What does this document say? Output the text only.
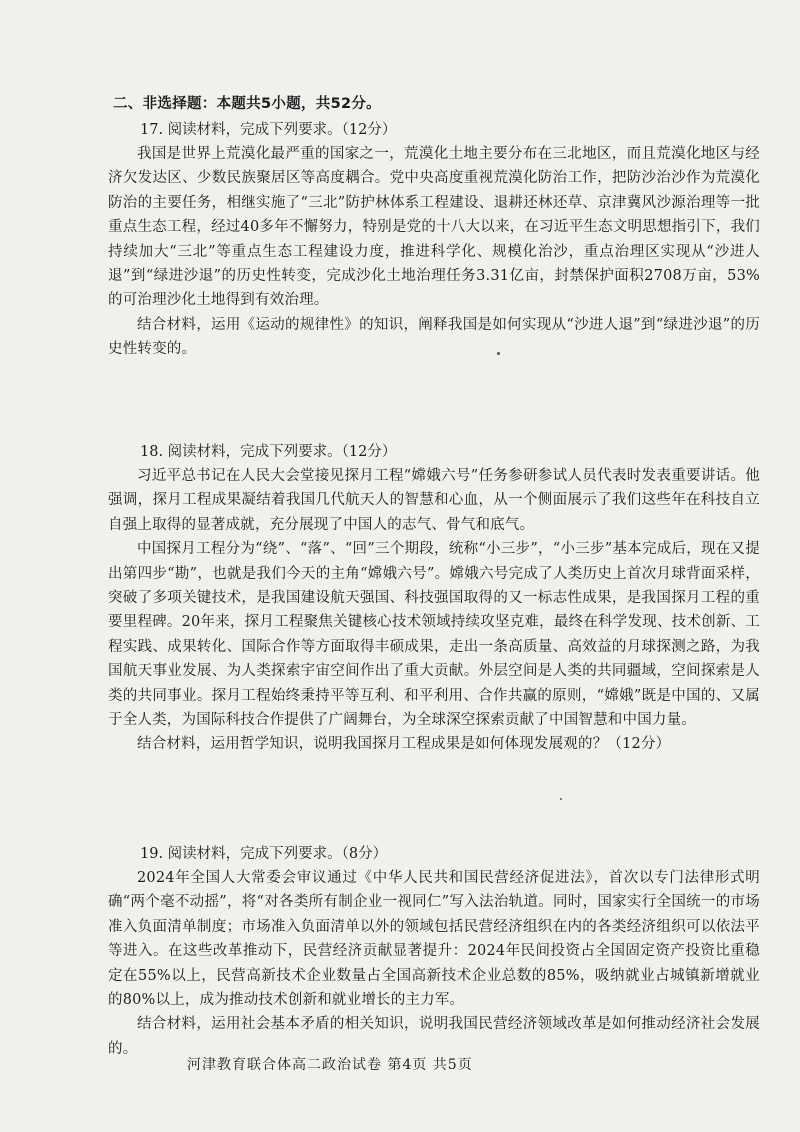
二、非选择题：本题共5小题，共52分。
17. 阅读材料，完成下列要求。（12分）

我国是世界上荒漠化最严重的国家之一，荒漠化土地主要分布在三北地区，而且荒漠化地区与经济欠发达区、少数民族聚居区等高度耦合。党中央高度重视荒漠化防治工作，把防沙治沙作为荒漠化防治的主要任务，相继实施了“三北”防护林体系工程建设、退耕还林还草、京津冀风沙源治理等一批重点生态工程，经过40多年不懈努力，特别是党的十八大以来，在习近平生态文明思想指引下，我们持续加大“三北”等重点生态工程建设力度，推进科学化、规模化治沙，重点治理区实现从“沙进人退”到“绿进沙退”的历史性转变，完成沙化土地治理任务3.31亿亩，封禁保护面积2708万亩，53%的可治理沙化土地得到有效治理。

结合材料，运用《运动的规律性》的知识，阐释我国是如何实现从“沙进人退”到“绿进沙退”的历史性转变的。

18. 阅读材料，完成下列要求。（12分）

习近平总书记在人民大会堂接见探月工程“嫦娥六号”任务参研参试人员代表时发表重要讲话。他强调，探月工程成果凝结着我国几代航天人的智慧和心血，从一个侧面展示了我们这些年在科技自立自强上取得的显著成就，充分展现了中国人的志气、骨气和底气。

中国探月工程分为“绕”、“落”、“回”三个期段，统称“小三步”，“小三步”基本完成后，现在又提出第四步“勘”，也就是我们今天的主角“嫦娥六号”。嫦娥六号完成了人类历史上首次月球背面采样，突破了多项关键技术，是我国建设航天强国、科技强国取得的又一标志性成果，是我国探月工程的重要里程碑。20年来，探月工程聚焦关键核心技术领域持续攻坚克难，最终在科学发现、技术创新、工程实践、成果转化、国际合作等方面取得丰硕成果，走出一条高质量、高效益的月球探测之路，为我国航天事业发展、为人类探索宇宙空间作出了重大贡献。外层空间是人类的共同疆域，空间探索是人类的共同事业。探月工程始终秉持平等互利、和平利用、合作共赢的原则，“嫦娥”既是中国的、又属于全人类，为国际科技合作提供了广阔舞台，为全球深空探索贡献了中国智慧和中国力量。

结合材料，运用哲学知识，说明我国探月工程成果是如何体现发展观的？（12分）

19. 阅读材料，完成下列要求。（8分）

2024年全国人大常委会审议通过《中华人民共和国民营经济促进法》，首次以专门法律形式明确“两个毫不动摇”，将“对各类所有制企业一视同仁”写入法治轨道。同时，国家实行全国统一的市场准入负面清单制度；市场准入负面清单以外的领域包括民营经济组织在内的各类经济组织可以依法平等进入。在这些改革推动下，民营经济贡献显著提升：2024年民间投资占全国固定资产投资比重稳定在55%以上，民营高新技术企业数量占全国高新技术企业总数的85%，吸纳就业占城镇新增就业的80%以上，成为推动技术创新和就业增长的主力军。

结合材料，运用社会基本矛盾的相关知识，说明我国民营经济领域改革是如何推动经济社会发展的。

河津教育联合体高二政治试卷 第4页 共5页
